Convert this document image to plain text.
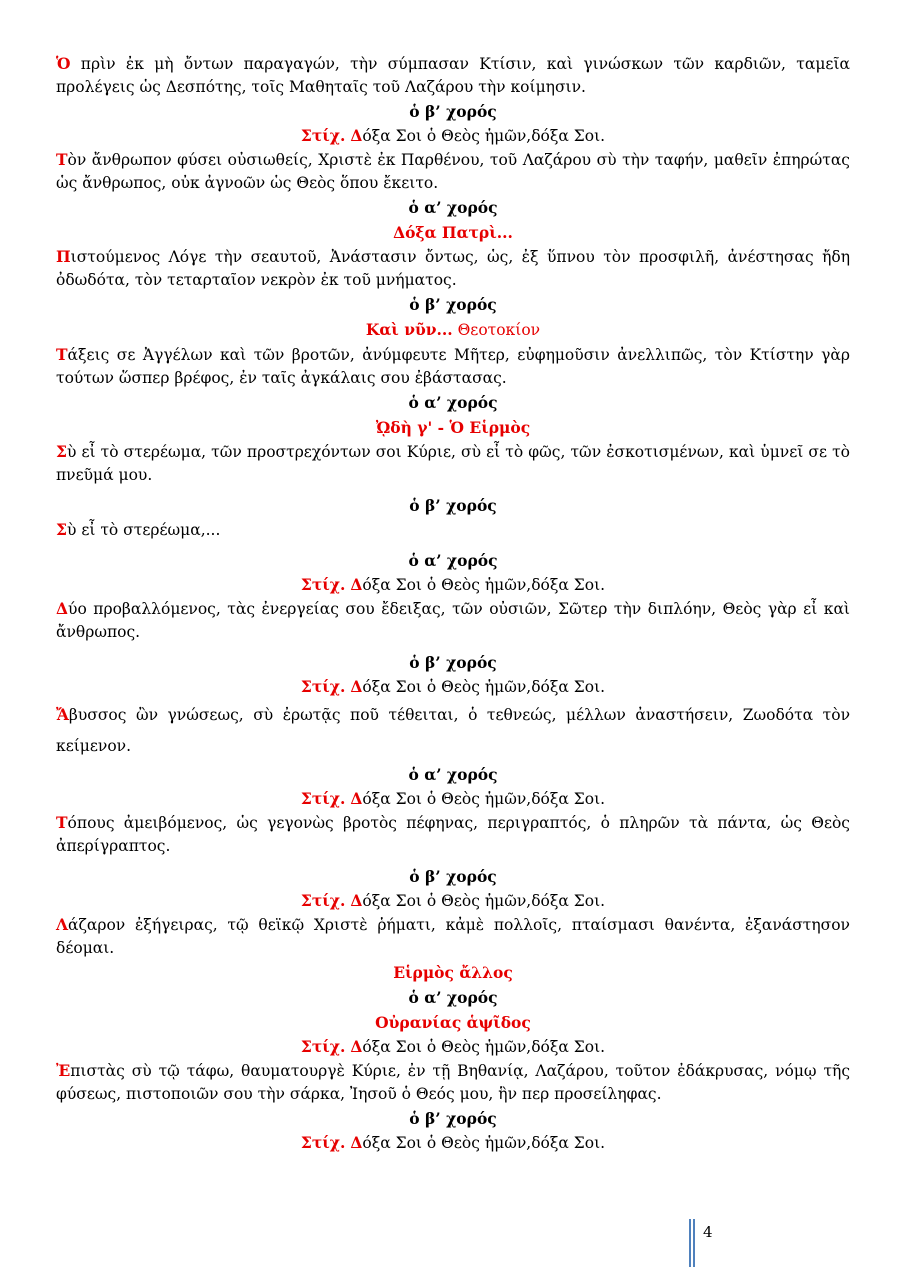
Ὁ πρὶν ἐκ μὴ ὄντων παραγαγών, τὴν σύμπασαν Κτίσιν, καὶ γινώσκων τῶν καρδιῶν, ταμεῖα προλέγεις ὡς Δεσπότης, τοῖς Μαθηταῖς τοῦ Λαζάρου τὴν κοίμησιν.

ὁ β’ χορός

Στίχ. Δόξα Σοι ὁ Θεὸς ἡμῶν,δόξα Σοι.

Τὸν ἄνθρωπον φύσει οὐσιωθείς, Χριστὲ ἐκ Παρθένου, τοῦ Λαζάρου σὺ τὴν ταφήν, μαθεῖν ἐπηρώτας ὡς ἄνθρωπος, οὐκ ἀγνοῶν ὡς Θεὸς ὅπου ἔκειτο.

ὁ α’ χορός

Δόξα Πατρὶ...

Πιστούμενος Λόγε τὴν σεαυτοῦ, Ἀνάστασιν ὄντως, ὡς, ἐξ ὕπνου τὸν προσφιλῆ, ἀνέστησας ἤδη ὀδωδότα, τὸν τεταρταῖον νεκρὸν ἐκ τοῦ μνήματος.

ὁ β’ χορός

Καὶ νῦν... Θεοτοκίον

Τάξεις σε Ἀγγέλων καὶ τῶν βροτῶν, ἀνύμφευτε Μῆτερ, εὐφημοῦσιν ἀνελλιπῶς, τὸν Κτίστην γὰρ τούτων ὥσπερ βρέφος, ἐν ταῖς ἀγκάλαις σου ἐβάστασας.

ὁ α’ χορός

ᾨδὴ γ' - Ὁ Εἱρμὸς

Σὺ εἶ τὸ στερέωμα, τῶν προστρεχόντων σοι Κύριε, σὺ εἶ τὸ φῶς, τῶν ἐσκοτισμένων, καὶ ὑμνεῖ σε τὸ πνεῦμά μου.

ὁ β’ χορός

Σὺ εἶ τὸ στερέωμα,...

ὁ α’ χορός

Στίχ. Δόξα Σοι ὁ Θεὸς ἡμῶν,δόξα Σοι.

Δύο προβαλλόμενος, τὰς ἐνεργείας σου ἔδειξας, τῶν οὐσιῶν, Σῶτερ τὴν διπλόην, Θεὸς γὰρ εἶ καὶ ἄνθρωπος.

ὁ β’ χορός

Στίχ. Δόξα Σοι ὁ Θεὸς ἡμῶν,δόξα Σοι.

Ἄβυσσος ὢν γνώσεως, σὺ ἐρωτᾷς ποῦ τέθειται, ὁ τεθνεώς, μέλλων ἀναστήσειν, Ζωοδότα τὸν κείμενον.

ὁ α’ χορός

Στίχ. Δόξα Σοι ὁ Θεὸς ἡμῶν,δόξα Σοι.

Τόπους ἀμειβόμενος, ὡς γεγονὼς βροτὸς πέφηνας, περιγραπτός, ὁ πληρῶν τὰ πάντα, ὡς Θεὸς ἀπερίγραπτος.

ὁ β’ χορός

Στίχ. Δόξα Σοι ὁ Θεὸς ἡμῶν,δόξα Σοι.

Λάζαρον ἐξήγειρας, τῷ θεϊκῷ Χριστὲ ῥήματι, κἀμὲ πολλοῖς, πταίσμασι θανέντα, ἐξανάστησον δέομαι.

Εἱρμὸς ἄλλος

ὁ α’ χορός

Οὐρανίας ἁψῖδος

Στίχ. Δόξα Σοι ὁ Θεὸς ἡμῶν,δόξα Σοι.

Ἐπιστὰς σὺ τῷ τάφω, θαυματουργὲ Κύριε, ἐν τῇ Βηθανίᾳ, Λαζάρου, τοῦτον ἐδάκρυσας, νόμῳ τῆς φύσεως, πιστοποιῶν σου τὴν σάρκα, Ἰησοῦ ὁ Θεός μου, ἣν περ προσείληφας.

ὁ β’ χορός

Στίχ. Δόξα Σοι ὁ Θεὸς ἡμῶν,δόξα Σοι.

4
